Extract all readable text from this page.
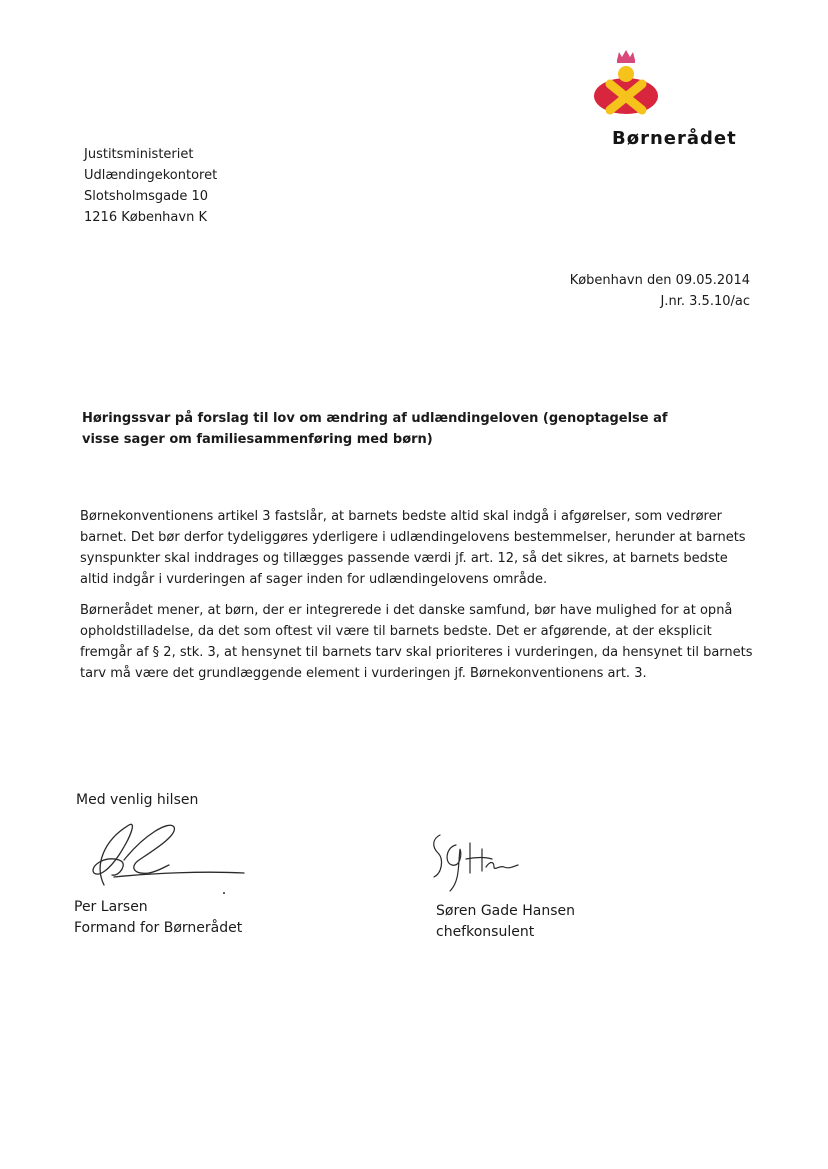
Børnerådet
Justitsministeriet
Udlændingekontoret
Slotsholmsgade 10
1216 København K
København den 09.05.2014
J.nr. 3.5.10/ac
Høringssvar på forslag til lov om ændring af udlændingeloven (genoptagelse af visse sager om familiesammenføring med børn)

Børnekonventionens artikel 3 fastslår, at barnets bedste altid skal indgå i afgørelser, som vedrører barnet. Det bør derfor tydeliggøres yderligere i udlændingelovens bestemmelser, herunder at barnets synspunkter skal inddrages og tillægges passende værdi jf. art. 12, så det sikres, at barnets bedste altid indgår i vurderingen af sager inden for udlændingelovens område.

Børnerådet mener, at børn, der er integrerede i det danske samfund, bør have mulighed for at opnå opholdstilladelse, da det som oftest vil være til barnets bedste. Det er afgørende, at der eksplicit fremgår af § 2, stk. 3, at hensynet til barnets tarv skal prioriteres i vurderingen, da hensynet til barnets tarv må være det grundlæggende element i vurderingen jf. Børnekonventionens art. 3.

Med venlig hilsen
Per Larsen
Formand for Børnerådet
Søren Gade Hansen
chefkonsulent
